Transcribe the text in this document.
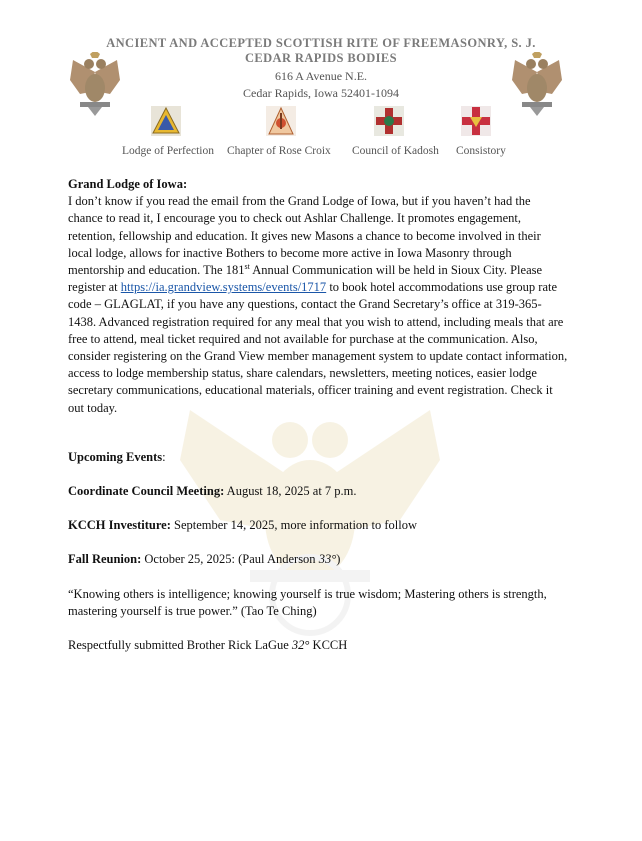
ANCIENT AND ACCEPTED SCOTTISH RITE OF FREEMASONRY, S. J.
CEDAR RAPIDS BODIES
616 A Avenue N.E.
Cedar Rapids, Iowa 52401-1094
Lodge of Perfection Chapter of Rose Croix Council of Kadosh Consistory

Grand Lodge of Iowa:

I don’t know if you read the email from the Grand Lodge of Iowa, but if you haven’t had the chance to read it, I encourage you to check out Ashlar Challenge. It promotes engagement, retention, fellowship and education. It gives new Masons a chance to become involved in their local lodge, allows for inactive Bothers to become more active in Iowa Masonry through mentorship and education. The 181st Annual Communication will be held in Sioux City. Please register at https://ia.grandview.systems/events/1717 to book hotel accommodations use group rate code – GLAGLAT, if you have any questions, contact the Grand Secretary’s office at 319-365-1438. Advanced registration required for any meal that you wish to attend, including meals that are free to attend, meal ticket required and not available for purchase at the communication. Also, consider registering on the Grand View member management system to update contact information, access to lodge membership status, share calendars, newsletters, meeting notices, easier lodge secretary communications, educational materials, officer training and event registration. Check it out today.

Upcoming Events:

Coordinate Council Meeting: August 18, 2025 at 7 p.m.

KCCH Investiture: September 14, 2025, more information to follow

Fall Reunion: October 25, 2025: (Paul Anderson 33°)

“Knowing others is intelligence; knowing yourself is true wisdom; Mastering others is strength, mastering yourself is true power.” (Tao Te Ching)

Respectfully submitted Brother Rick LaGue 32° KCCH
